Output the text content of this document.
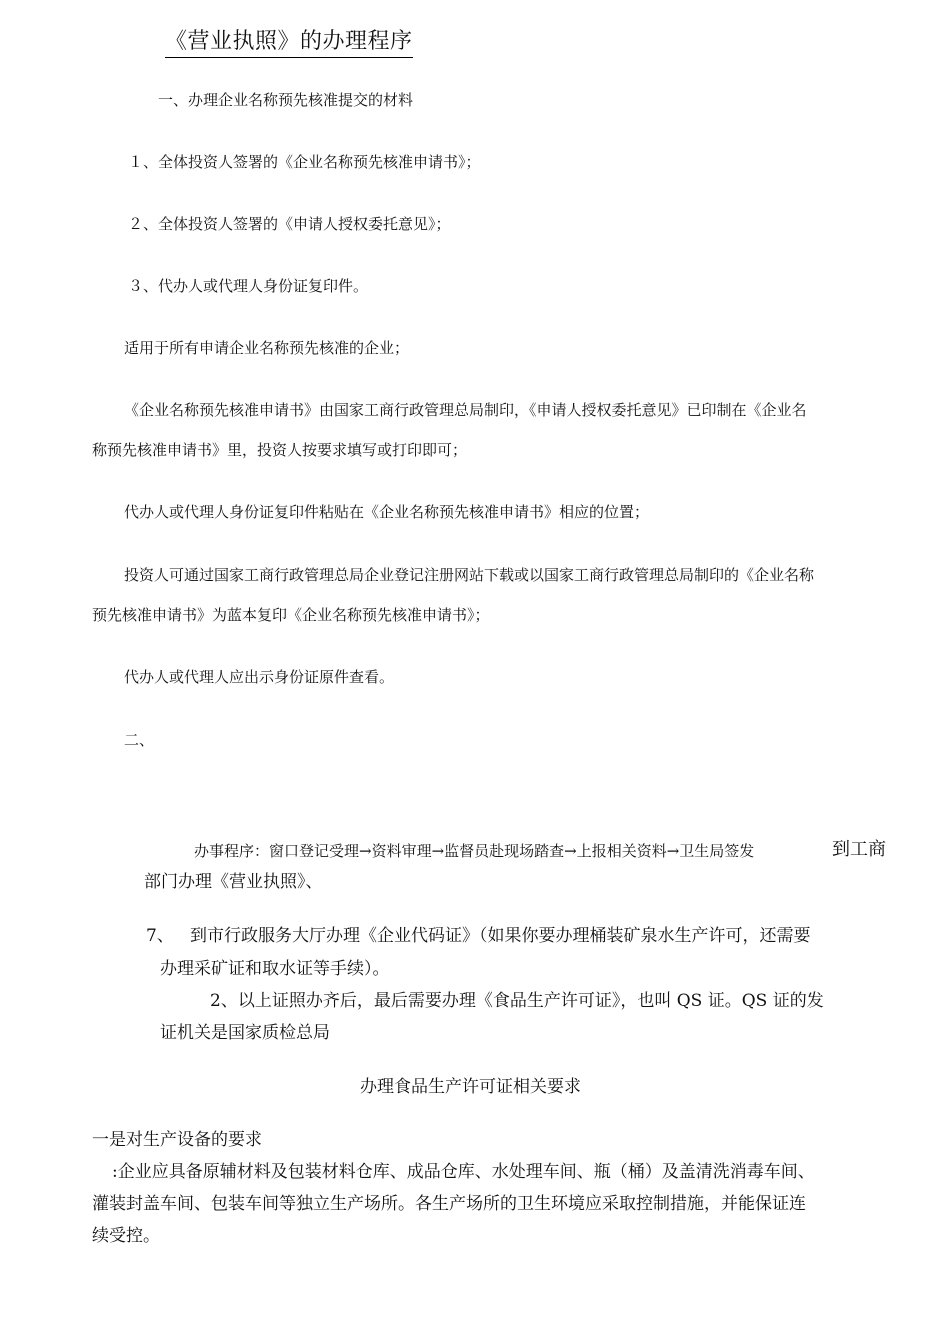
《营业执照》的办理程序
一、办理企业名称预先核准提交的材料
１、全体投资人签署的《企业名称预先核准申请书》；
２、全体投资人签署的《申请人授权委托意见》；
３、代办人或代理人身份证复印件。
适用于所有申请企业名称预先核准的企业；
《企业名称预先核准申请书》由国家工商行政管理总局制印，《申请人授权委托意见》已印制在《企业名
称预先核准申请书》里，投资人按要求填写或打印即可；
代办人或代理人身份证复印件粘贴在《企业名称预先核准申请书》相应的位置；
投资人可通过国家工商行政管理总局企业登记注册网站下载或以国家工商行政管理总局制印的《企业名称
预先核准申请书》为蓝本复印《企业名称预先核准申请书》；
代办人或代理人应出示身份证原件查看。
二、
办事程序：窗口登记受理→资料审理→监督员赴现场踏查→上报相关资料→卫生局签发	到工商
部门办理《营业执照》、
7、 到市行政服务大厅办理《企业代码证》（如果你要办理桶装矿泉水生产许可，还需要
办理采矿证和取水证等手续）。
2、以上证照办齐后，最后需要办理《食品生产许可证》，也叫 QS 证。QS 证的发
证机关是国家质检总局
办理食品生产许可证相关要求
一是对生产设备的要求
:企业应具备原辅材料及包装材料仓库、成品仓库、水处理车间、瓶（桶）及盖清洗消毒车间、
灌装封盖车间、包装车间等独立生产场所。各生产场所的卫生环境应采取控制措施，并能保证连
续受控。
